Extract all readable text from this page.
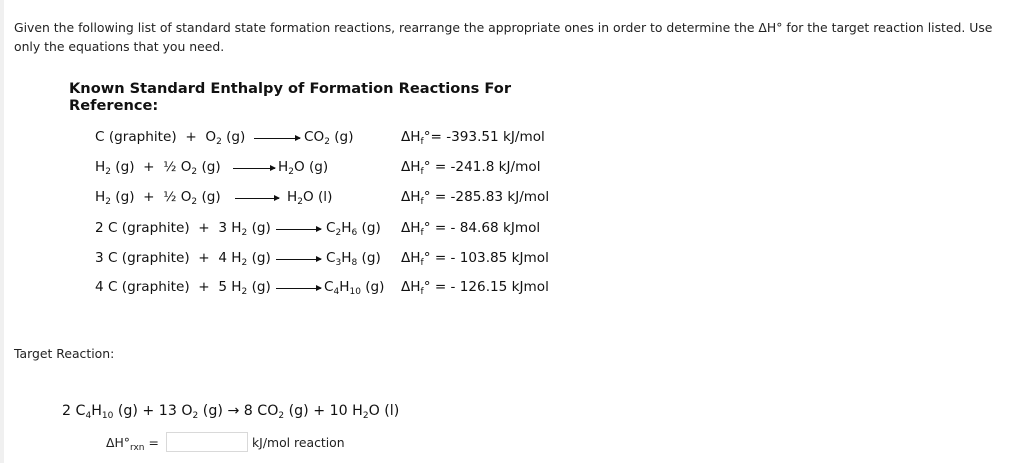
Given the following list of standard state formation reactions, rearrange the appropriate ones in order to determine the ΔH° for the target reaction listed. Use only the equations that you need.
Known Standard Enthalpy of Formation Reactions For Reference:
C (graphite)  +  $O_2$ $(g) \to CO_2$ (g)	$\Delta H_f^\circ= -393.51$ kJ/mol
$H_2$ (g)  +  ½ $O_2$ $(g) \to H_2O$ (g)	$\Delta H_f^\circ = -241.8$ kJ/mol
$H_2$ (g)  +  ½ $O_2$ $(g) \to H_2O$ (l)	$\Delta H_f^\circ = -285.83$ kJ/mol
2 C (graphite)  +  3 $H_2$ $(g) \to C_2H_6$ (g) $\Delta H_f^\circ$ = - 84.68 kJmol
3 C (graphite)  +  4 $H_2$ $(g) \to C_3H_8$ (g) $\Delta H_f^\circ$ = - 103.85 kJmol
4 C (graphite)  +  5 $H_2$ $(g) \to C_4H_{10}$ (g) $\Delta H_f^\circ$ = - 126.15 kJmol
Target Reaction:
2 $C_4H_{10}$ (g) + 13 $O_2$ (g) → 8 $CO_2$ (g) + 10 $H_2O$ (l)
$\Delta H^\circ_{rxn}$ =	kJ/mol reaction
